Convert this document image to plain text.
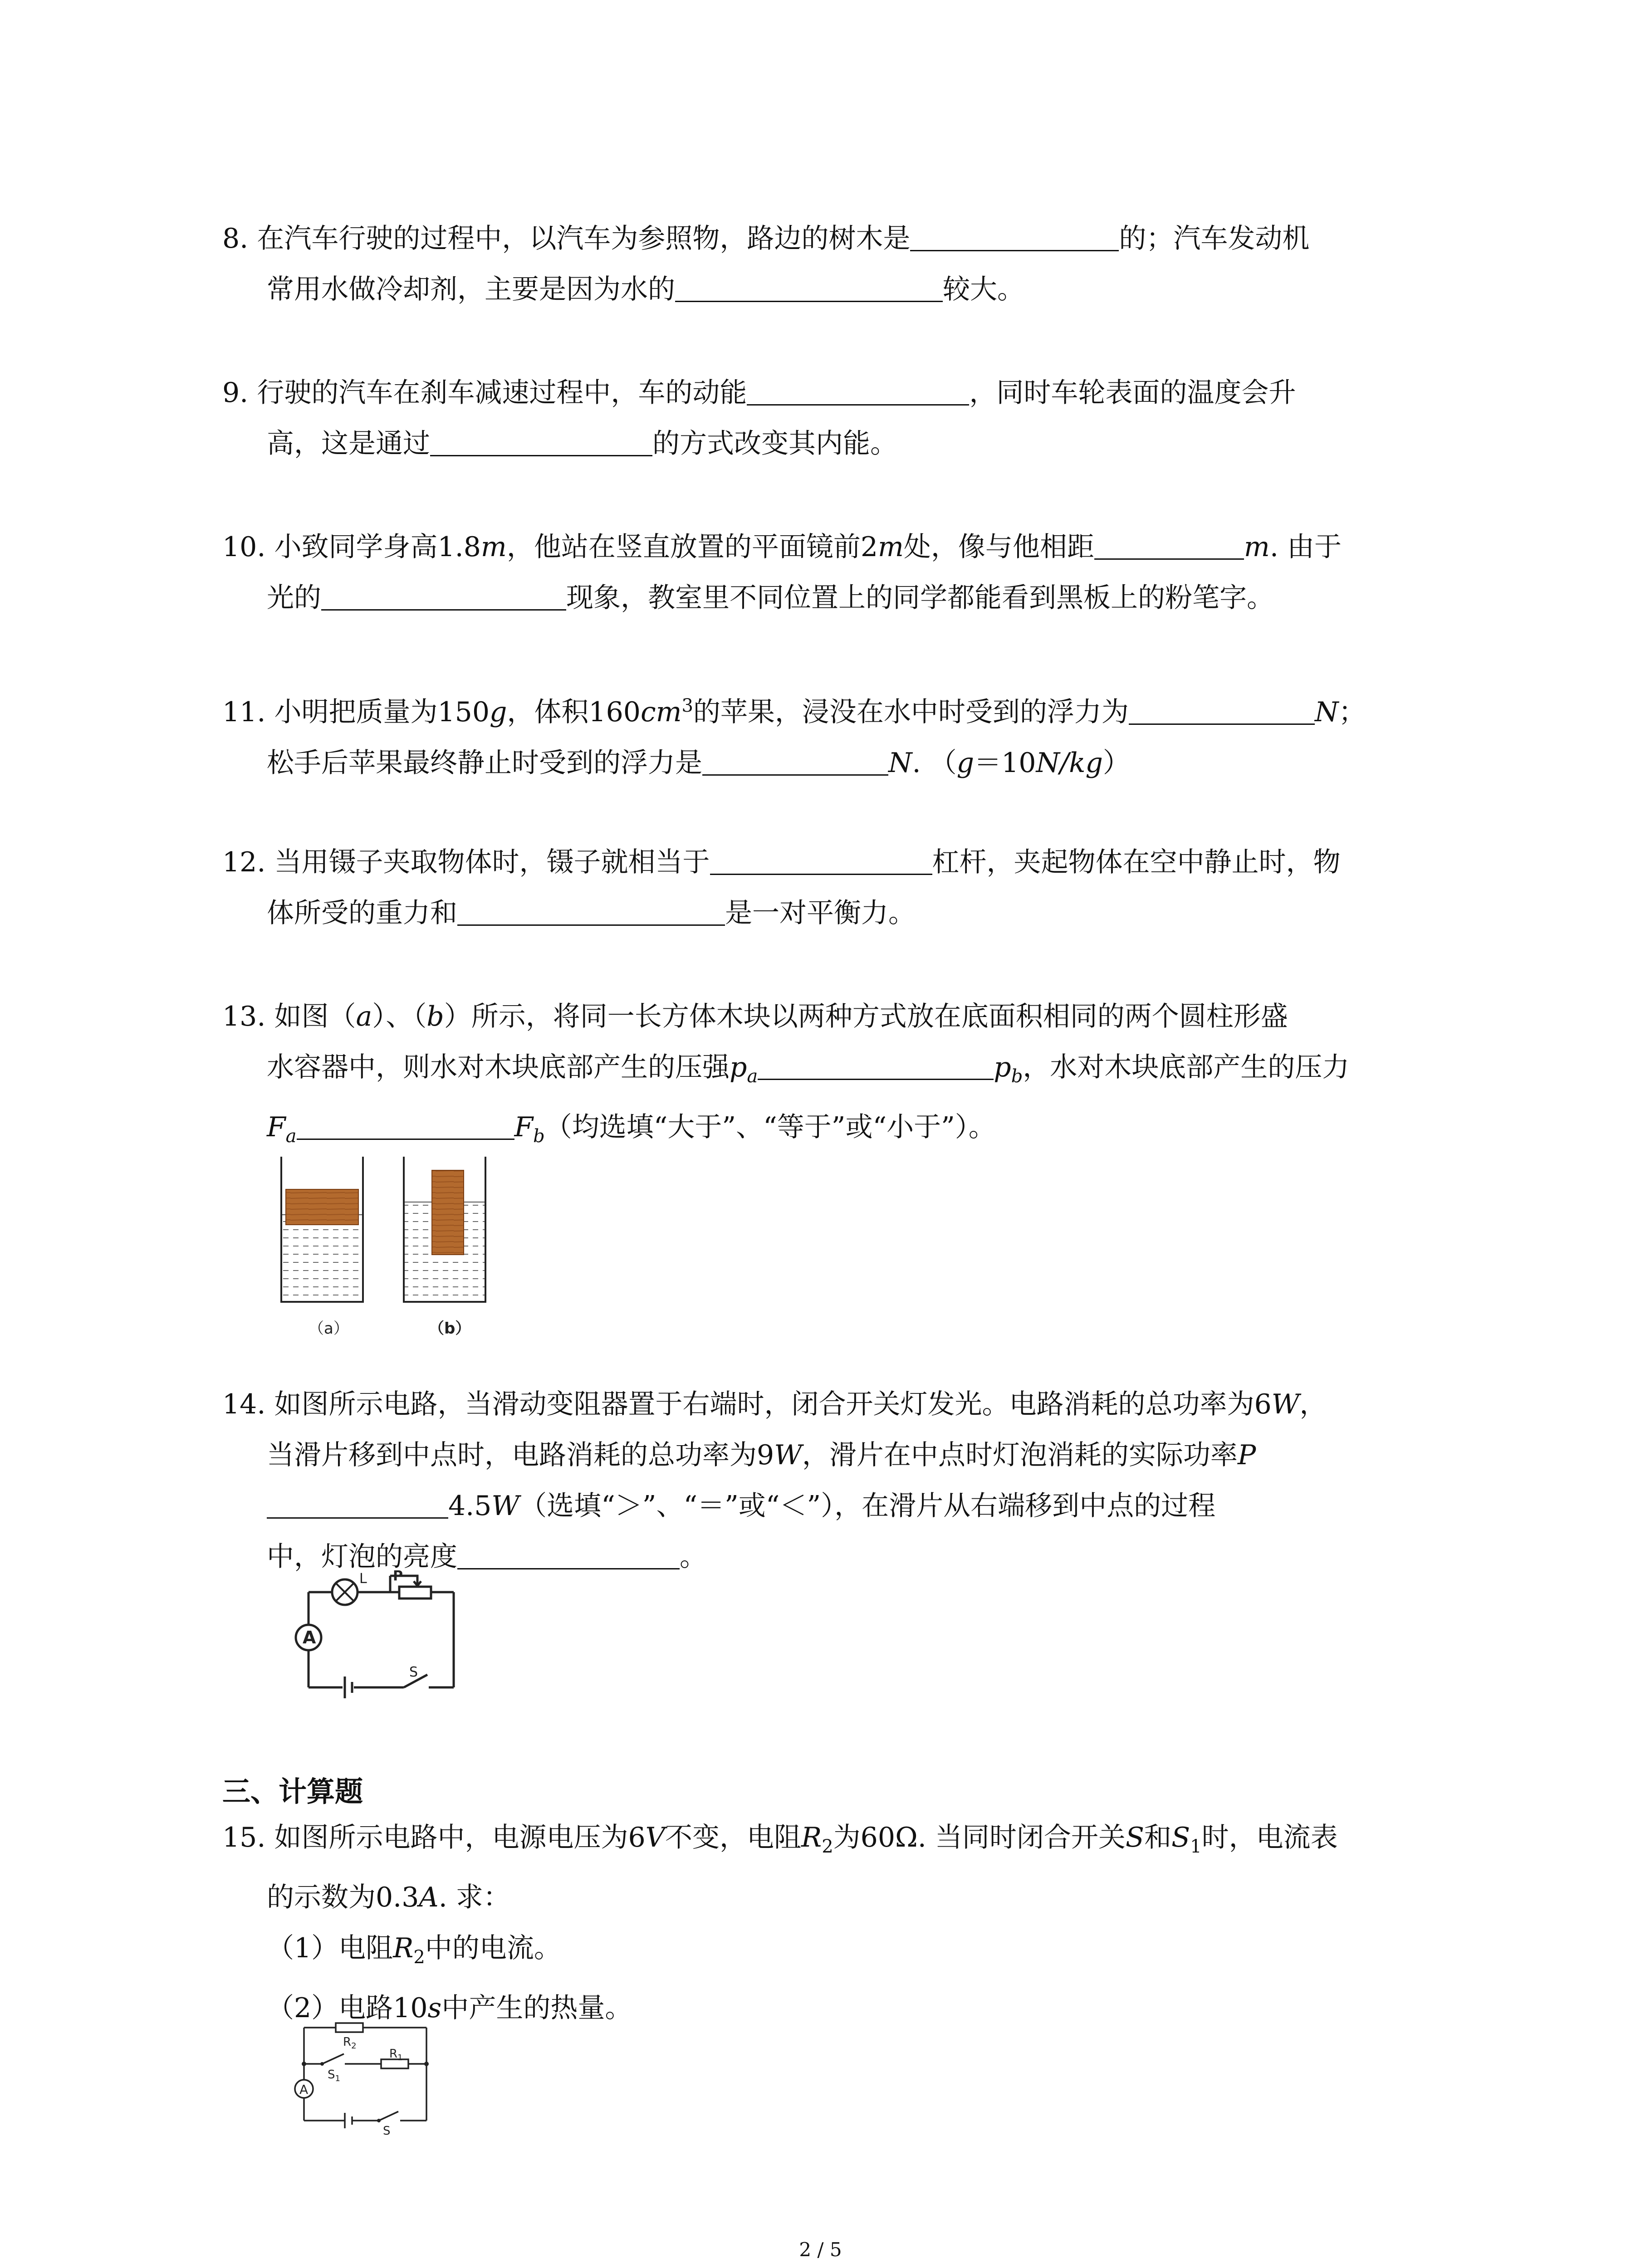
8. 在汽车行驶的过程中，以汽车为参照物，路边的树木是	的；汽车发动机
常用水做冷却剂，主要是因为水的	较大。
9. 行驶的汽车在刹车减速过程中，车的动能	，同时车轮表面的温度会升
高，这是通过	的方式改变其内能。
10. 小致同学身高1.8m，他站在竖直放置的平面镜前2m处，像与他相距	m. 由于
光的	现象，教室里不同位置上的同学都能看到黑板上的粉笔字。
11. 小明把质量为150g，体积$160cm^3$的苹果，浸没在水中时受到的浮力为	N；
松手后苹果最终静止时受到的浮力是	N. （g＝10N/kg）
12. 当用镊子夹取物体时，镊子就相当于	杠杆，夹起物体在空中静止时，物
体所受的重力和	是一对平衡力。
13. 如图（a）、（b）所示，将同一长方体木块以两种方式放在底面积相同的两个圆柱形盛
水容器中，则水对木块底部产生的压强$p_a$	$p_b$，水对木块底部产生的压力
$F_a$	$F_b$（均选填“大于”、“等于”或“小于”）。
（a）	（b）
14. 如图所示电路，当滑动变阻器置于右端时，闭合开关灯发光。电路消耗的总功率为6W，
当滑片移到中点时，电路消耗的总功率为9W，滑片在中点时灯泡消耗的实际功率P
4.5W（选填“＞”、“＝”或“＜”），在滑片从右端移到中点的过程
中，灯泡的亮度	。
A
L P
S
三、计算题
15. 如图所示电路中，电源电压为6V不变，电阻$R_2$为60Ω. 当同时闭合开关S和$S_1$时，电流表
的示数为0.3A. 求：
（1）电阻$R_2$中的电流。
（2）电路10s中产生的热量。
A
$R_2$
$R_1$
$S_1$
S
2 / 5
